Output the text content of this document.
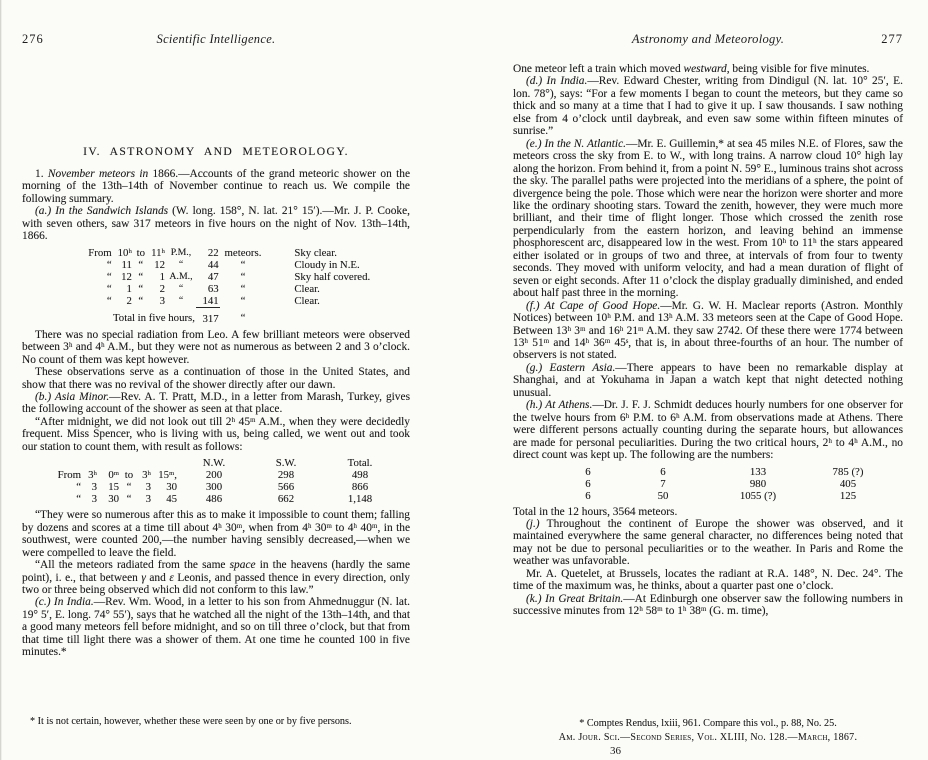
276	Scientific Intelligence.
IV. ASTRONOMY AND METEOROLOGY.

1. November meteors in 1866.—Accounts of the grand meteoric shower on the morning of the 13th–14th of November continue to reach us. We compile the following summary.

(a.) In the Sandwich Islands (W. long. 158°, N. lat. 21° 15′).—Mr. J. P. Cooke, with seven others, saw 317 meteors in five hours on the night of Nov. 13th–14th, 1866.

From	10ʰ	to	11ʰ	P.M.,	22	meteors.	Sky clear.
“	11	“	12	“	44	“	Cloudy in N.E.
“	12	“	1	A.M.,	47	“	Sky half covered.
“	1	“	2	“	63	“	Clear.
“	2	“	3	“	141	“	Clear.
Total in five hours,					317	“	

There was no special radiation from Leo. A few brilliant meteors were observed between 3ʰ and 4ʰ A.M., but they were not as numerous as between 2 and 3 o’clock. No count of them was kept however.

These observations serve as a continuation of those in the United States, and show that there was no revival of the shower directly after our dawn.

(b.) Asia Minor.—Rev. A. T. Pratt, M.D., in a letter from Marash, Turkey, gives the following account of the shower as seen at that place.

“After midnight, we did not look out till 2ʰ 45ᵐ A.M., when they were decidedly frequent. Miss Spencer, who is living with us, being called, we went out and took our station to count them, with result as follows:

						N.W.	S.W.	Total.
From	3ʰ	0ᵐ	to	3ʰ	15ᵐ,	200	298	498
“	3	15	“	3	30	300	566	866
“	3	30	“	3	45	486	662	1,148

“They were so numerous after this as to make it impossible to count them; falling by dozens and scores at a time till about 4ʰ 30ᵐ, when from 4ʰ 30ᵐ to 4ʰ 40ᵐ, in the southwest, were counted 200,—the number having sensibly decreased,—when we were compelled to leave the field.

“All the meteors radiated from the same space in the heavens (hardly the same point), i. e., that between γ and ε Leonis, and passed thence in every direction, only two or three being observed which did not conform to this law.”

(c.) In India.—Rev. Wm. Wood, in a letter to his son from Ahmednuggur (N. lat. 19° 5′, E. long. 74° 55′), says that he watched all the night of the 13th–14th, and that a good many meteors fell before midnight, and so on till three o’clock, but that from that time till light there was a shower of them. At one time he counted 100 in five minutes.*

* It is not certain, however, whether these were seen by one or by five persons.

Astronomy and Meteorology.	277

One meteor left a train which moved westward, being visible for five minutes.

(d.) In India.—Rev. Edward Chester, writing from Dindigul (N. lat. 10° 25′, E. lon. 78°), says: “For a few moments I began to count the meteors, but they came so thick and so many at a time that I had to give it up. I saw thousands. I saw nothing else from 4 o’clock until daybreak, and even saw some within fifteen minutes of sunrise.”

(e.) In the N. Atlantic.—Mr. E. Guillemin,* at sea 45 miles N.E. of Flores, saw the meteors cross the sky from E. to W., with long trains. A narrow cloud 10° high lay along the horizon. From behind it, from a point N. 59° E., luminous trains shot across the sky. The parallel paths were projected into the meridians of a sphere, the point of divergence being the pole. Those which were near the horizon were shorter and more like the ordinary shooting stars. Toward the zenith, however, they were much more brilliant, and their time of flight longer. Those which crossed the zenith rose perpendicularly from the eastern horizon, and leaving behind an immense phosphorescent arc, disappeared low in the west. From 10ʰ to 11ʰ the stars appeared either isolated or in groups of two and three, at intervals of from four to twenty seconds. They moved with uniform velocity, and had a mean duration of flight of seven or eight seconds. After 11 o’clock the display gradually diminished, and ended about half past three in the morning.

(f.) At Cape of Good Hope.—Mr. G. W. H. Maclear reports (Astron. Monthly Notices) between 10ʰ P.M. and 13ʰ A.M. 33 meteors seen at the Cape of Good Hope. Between 13ʰ 3ᵐ and 16ʰ 21ᵐ A.M. they saw 2742. Of these there were 1774 between 13ʰ 51ᵐ and 14ʰ 36ᵐ 45ˢ, that is, in about three-fourths of an hour. The number of observers is not stated.

(g.) Eastern Asia.—There appears to have been no remarkable display at Shanghai, and at Yokuhama in Japan a watch kept that night detected nothing unusual.

(h.) At Athens.—Dr. J. F. J. Schmidt deduces hourly numbers for one observer for the twelve hours from 6ʰ P.M. to 6ʰ A.M. from observations made at Athens. There were different persons actually counting during the separate hours, but allowances are made for personal peculiarities. During the two critical hours, 2ʰ to 4ʰ A.M., no direct count was kept up. The following are the numbers:

6	6	133	785 (?)
6	7	980	405
6	50	1055 (?)	125

Total in the 12 hours, 3564 meteors.

(j.) Throughout the continent of Europe the shower was observed, and it maintained everywhere the same general character, no differences being noted that may not be due to personal peculiarities or to the weather. In Paris and Rome the weather was unfavorable.

Mr. A. Quetelet, at Brussels, locates the radiant at R.A. 148°, N. Dec. 24°. The time of the maximum was, he thinks, about a quarter past one o’clock.

(k.) In Great Britain.—At Edinburgh one observer saw the following numbers in successive minutes from 12ʰ 58ᵐ to 1ʰ 38ᵐ (G. m. time),

* Comptes Rendus, lxiii, 961. Compare this vol., p. 88, No. 25.

Am. Jour. Sci.—Second Series, Vol. XLIII, No. 128.—March, 1867.

36
